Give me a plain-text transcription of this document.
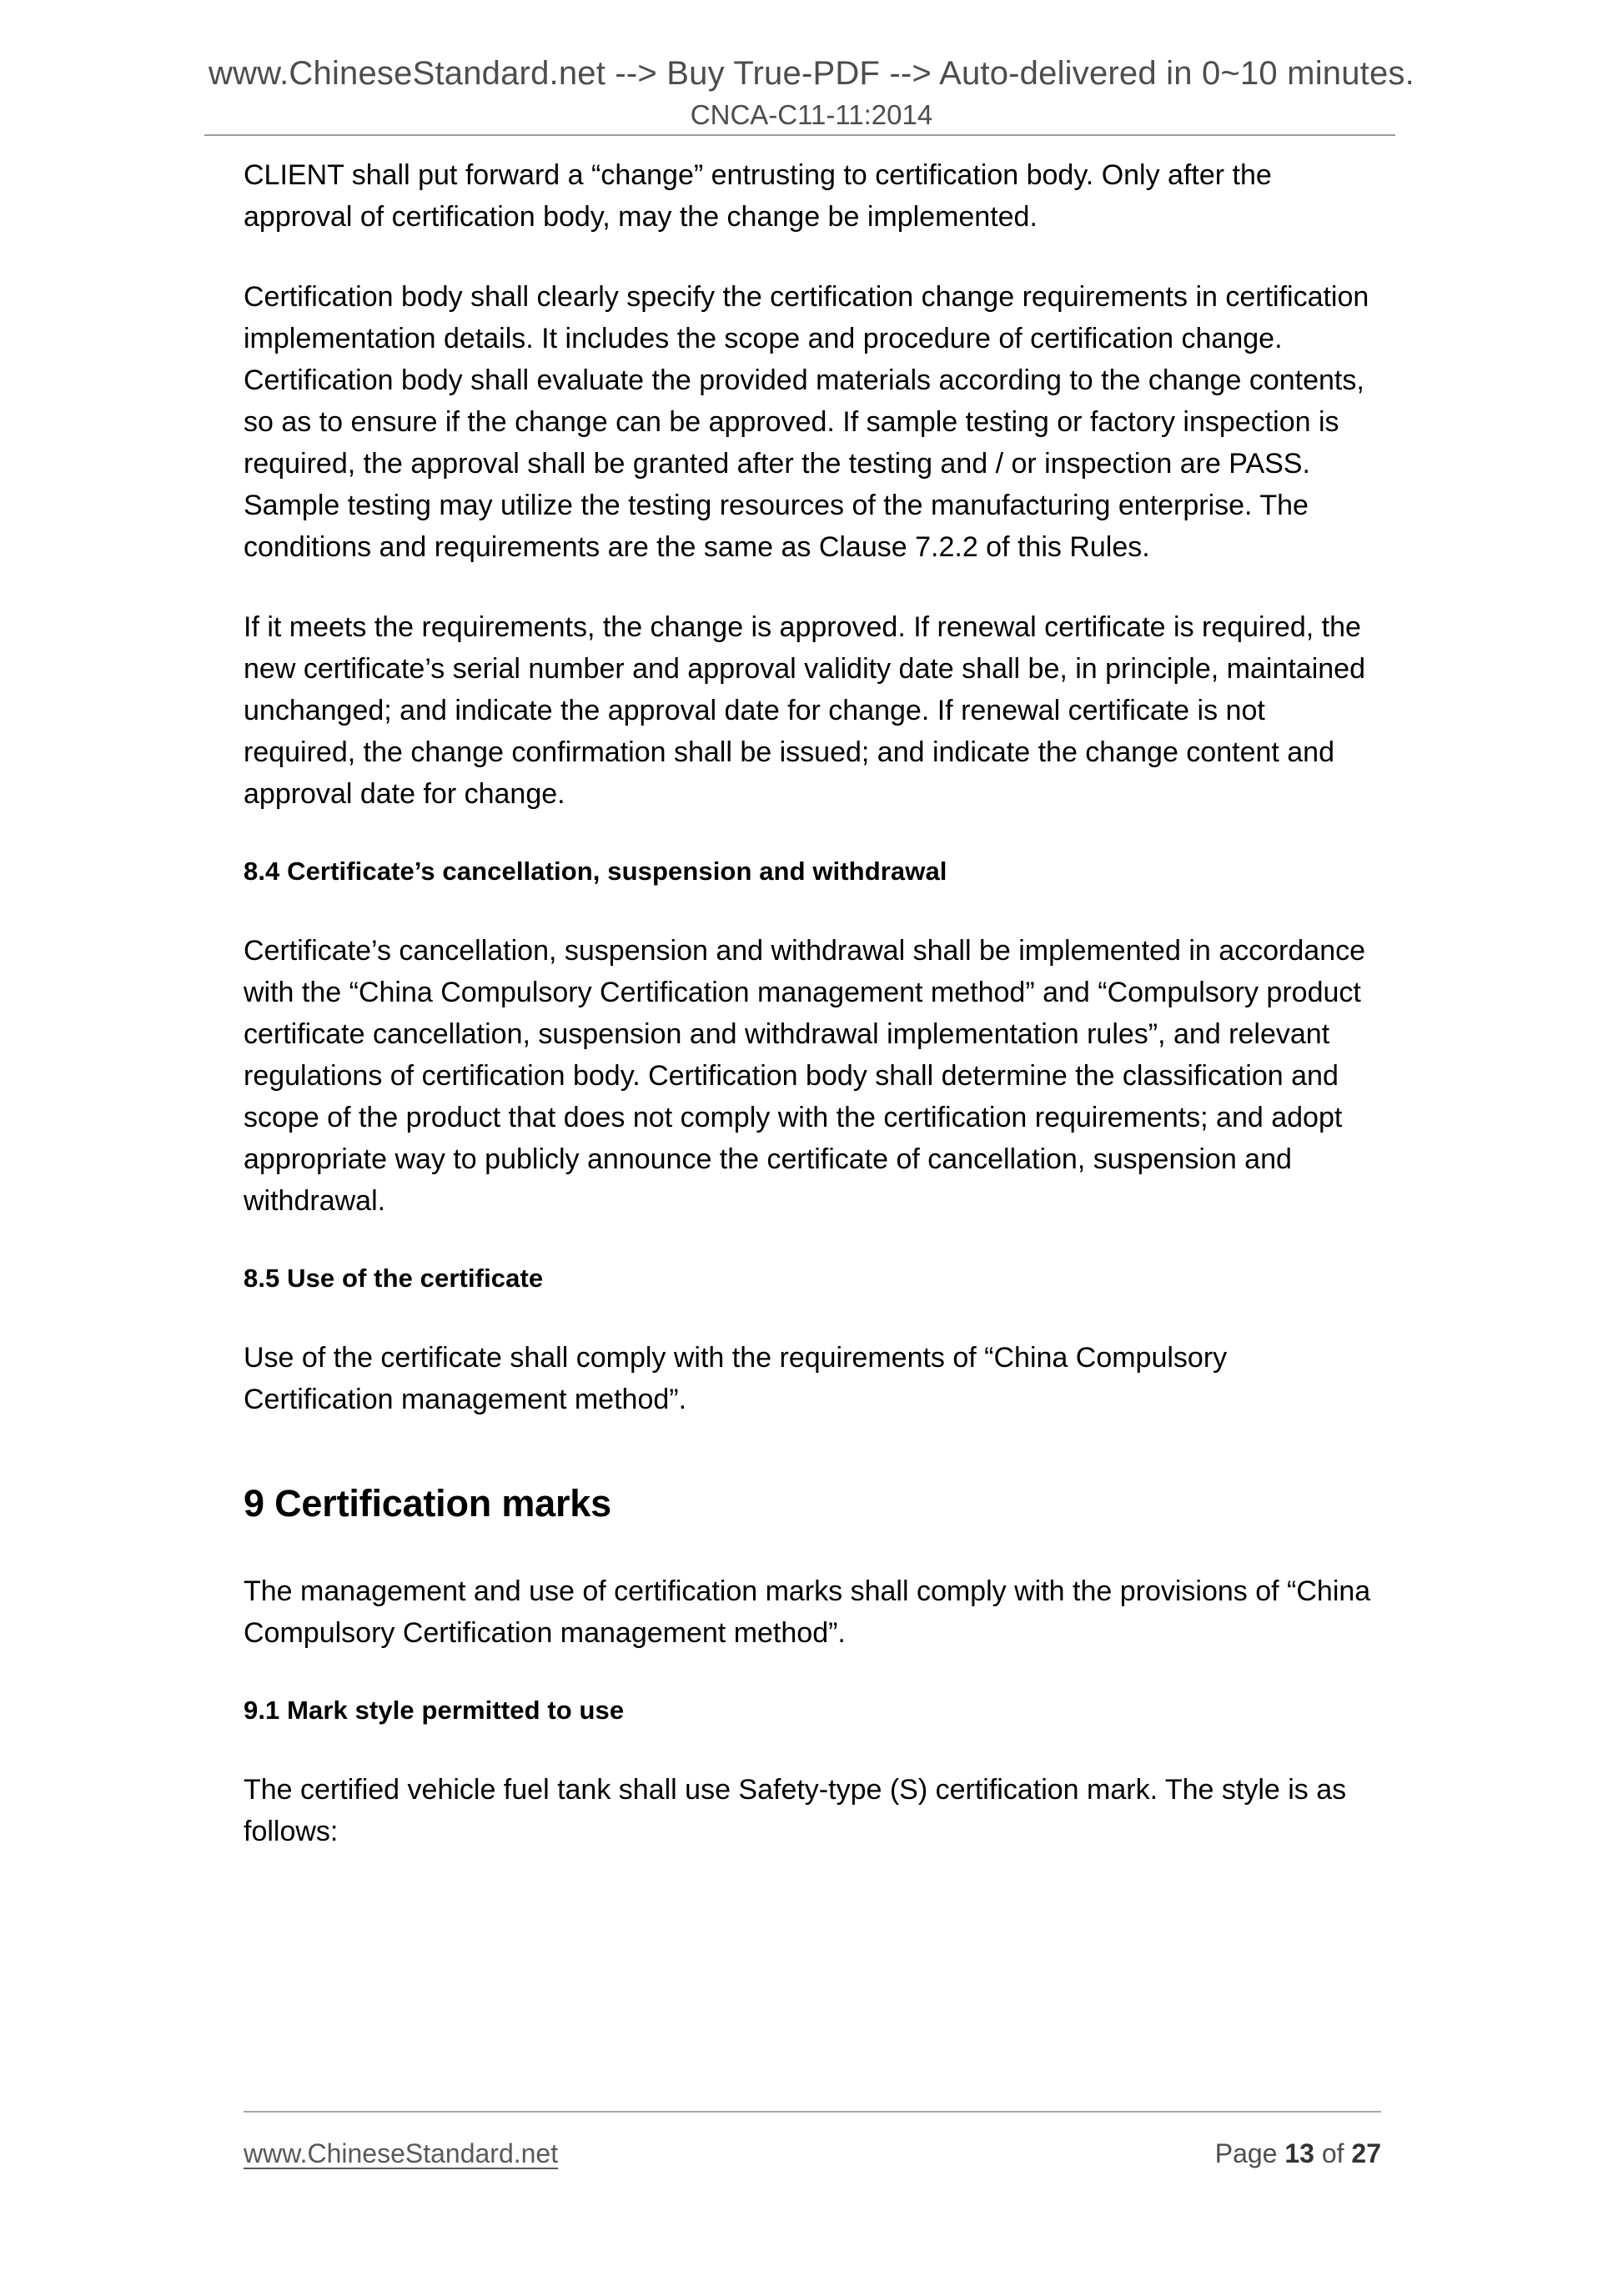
www.ChineseStandard.net --> Buy True-PDF --> Auto-delivered in 0~10 minutes.
CNCA-C11-11:2014

CLIENT shall put forward a “change” entrusting to certification body. Only after the approval of certification body, may the change be implemented.

Certification body shall clearly specify the certification change requirements in certification implementation details. It includes the scope and procedure of certification change. Certification body shall evaluate the provided materials according to the change contents, so as to ensure if the change can be approved. If sample testing or factory inspection is required, the approval shall be granted after the testing and / or inspection are PASS. Sample testing may utilize the testing resources of the manufacturing enterprise. The conditions and requirements are the same as Clause 7.2.2 of this Rules.

If it meets the requirements, the change is approved. If renewal certificate is required, the new certificate’s serial number and approval validity date shall be, in principle, maintained unchanged; and indicate the approval date for change. If renewal certificate is not required, the change confirmation shall be issued; and indicate the change content and approval date for change.

8.4 Certificate’s cancellation, suspension and withdrawal

Certificate’s cancellation, suspension and withdrawal shall be implemented in accordance with the “China Compulsory Certification management method” and “Compulsory product certificate cancellation, suspension and withdrawal implementation rules”, and relevant regulations of certification body. Certification body shall determine the classification and scope of the product that does not comply with the certification requirements; and adopt appropriate way to publicly announce the certificate of cancellation, suspension and withdrawal.

8.5 Use of the certificate

Use of the certificate shall comply with the requirements of “China Compulsory Certification management method”.

9 Certification marks

The management and use of certification marks shall comply with the provisions of “China Compulsory Certification management method”.

9.1 Mark style permitted to use

The certified vehicle fuel tank shall use Safety-type (S) certification mark. The style is as follows:

www.ChineseStandard.net	Page 13 of 27
